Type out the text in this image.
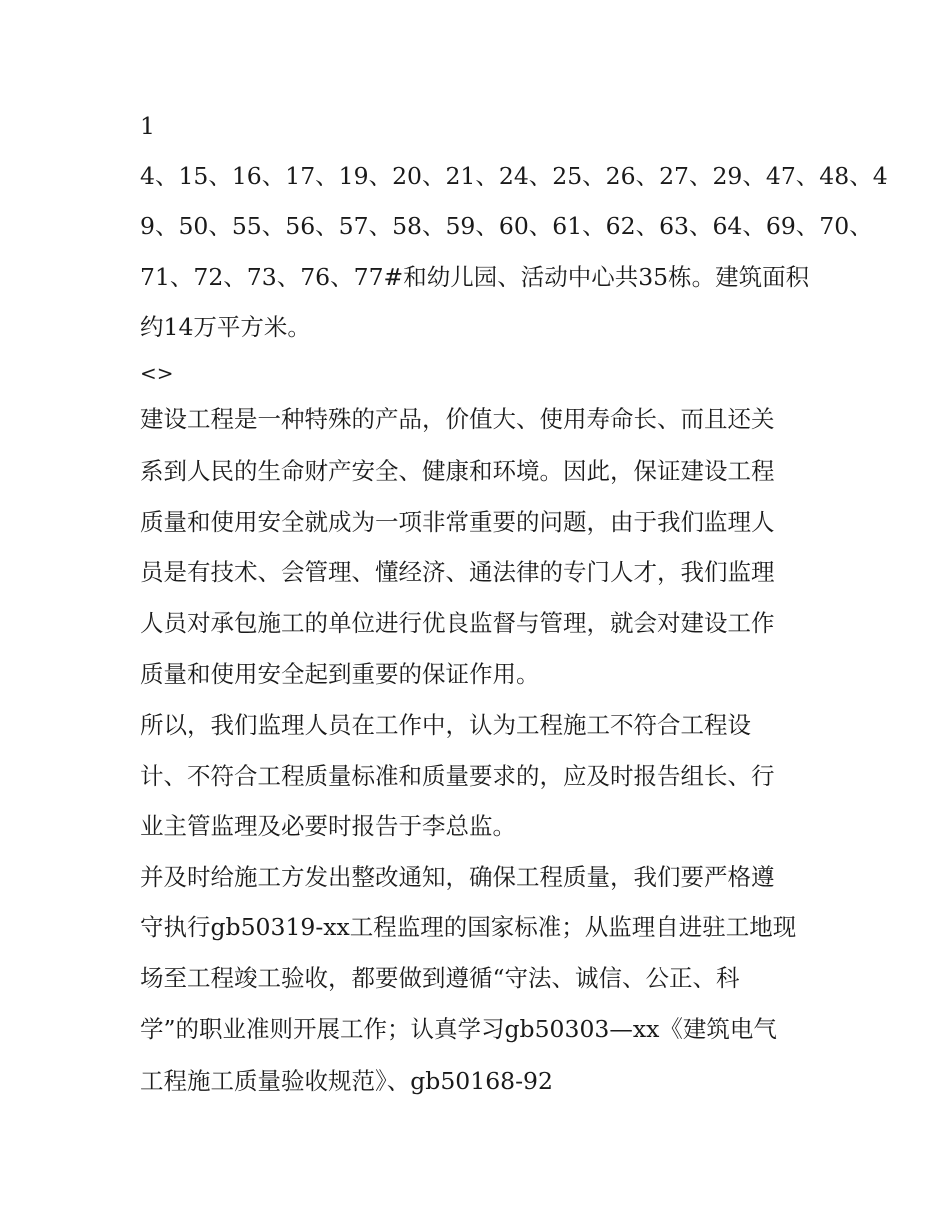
1
4、15、16、17、19、20、21、24、25、26、27、29、47、48、4
9、50、55、56、57、58、59、60、61、62、63、64、69、70、
71、72、73、76、77#和幼儿园、活动中心共35栋。建筑面积
约14万平方米。
<>
建设工程是一种特殊的产品，价值大、使用寿命长、而且还关
系到人民的生命财产安全、健康和环境。因此，保证建设工程
质量和使用安全就成为一项非常重要的问题，由于我们监理人
员是有技术、会管理、懂经济、通法律的专门人才，我们监理
人员对承包施工的单位进行优良监督与管理，就会对建设工作
质量和使用安全起到重要的保证作用。
所以，我们监理人员在工作中，认为工程施工不符合工程设
计、不符合工程质量标准和质量要求的，应及时报告组长、行
业主管监理及必要时报告于李总监。
并及时给施工方发出整改通知，确保工程质量，我们要严格遵
守执行gb50319-xx工程监理的国家标准；从监理自进驻工地现
场至工程竣工验收，都要做到遵循“守法、诚信、公正、科
学”的职业准则开展工作；认真学习gb50303—xx《建筑电气
工程施工质量验收规范》、gb50168-92
